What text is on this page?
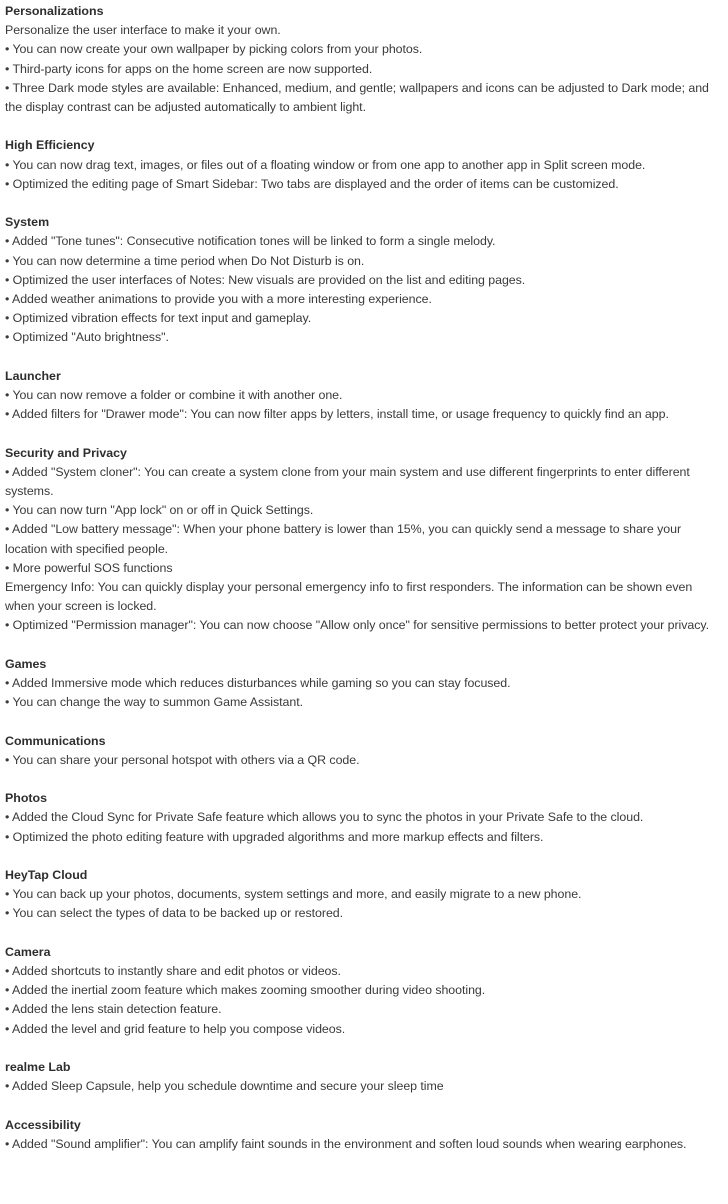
Personalizations
Personalize the user interface to make it your own.
• You can now create your own wallpaper by picking colors from your photos.
• Third-party icons for apps on the home screen are now supported.
• Three Dark mode styles are available: Enhanced, medium, and gentle; wallpapers and icons can be adjusted to Dark mode; and the display contrast can be adjusted automatically to ambient light.
High Efficiency
• You can now drag text, images, or files out of a floating window or from one app to another app in Split screen mode.
• Optimized the editing page of Smart Sidebar: Two tabs are displayed and the order of items can be customized.
System
• Added "Tone tunes": Consecutive notification tones will be linked to form a single melody.
• You can now determine a time period when Do Not Disturb is on.
• Optimized the user interfaces of Notes: New visuals are provided on the list and editing pages.
• Added weather animations to provide you with a more interesting experience.
• Optimized vibration effects for text input and gameplay.
• Optimized "Auto brightness".
Launcher
• You can now remove a folder or combine it with another one.
• Added filters for "Drawer mode": You can now filter apps by letters, install time, or usage frequency to quickly find an app.
Security and Privacy
• Added "System cloner": You can create a system clone from your main system and use different fingerprints to enter different systems.
• You can now turn "App lock" on or off in Quick Settings.
• Added "Low battery message": When your phone battery is lower than 15%, you can quickly send a message to share your location with specified people.
• More powerful SOS functions
Emergency Info: You can quickly display your personal emergency info to first responders. The information can be shown even when your screen is locked.
• Optimized "Permission manager": You can now choose "Allow only once" for sensitive permissions to better protect your privacy.
Games
• Added Immersive mode which reduces disturbances while gaming so you can stay focused.
• You can change the way to summon Game Assistant.
Communications
• You can share your personal hotspot with others via a QR code.
Photos
• Added the Cloud Sync for Private Safe feature which allows you to sync the photos in your Private Safe to the cloud.
• Optimized the photo editing feature with upgraded algorithms and more markup effects and filters.
HeyTap Cloud
• You can back up your photos, documents, system settings and more, and easily migrate to a new phone.
• You can select the types of data to be backed up or restored.
Camera
• Added shortcuts to instantly share and edit photos or videos.
• Added the inertial zoom feature which makes zooming smoother during video shooting.
• Added the lens stain detection feature.
• Added the level and grid feature to help you compose videos.
realme Lab
• Added Sleep Capsule, help you schedule downtime and secure your sleep time
Accessibility
• Added "Sound amplifier": You can amplify faint sounds in the environment and soften loud sounds when wearing earphones.
